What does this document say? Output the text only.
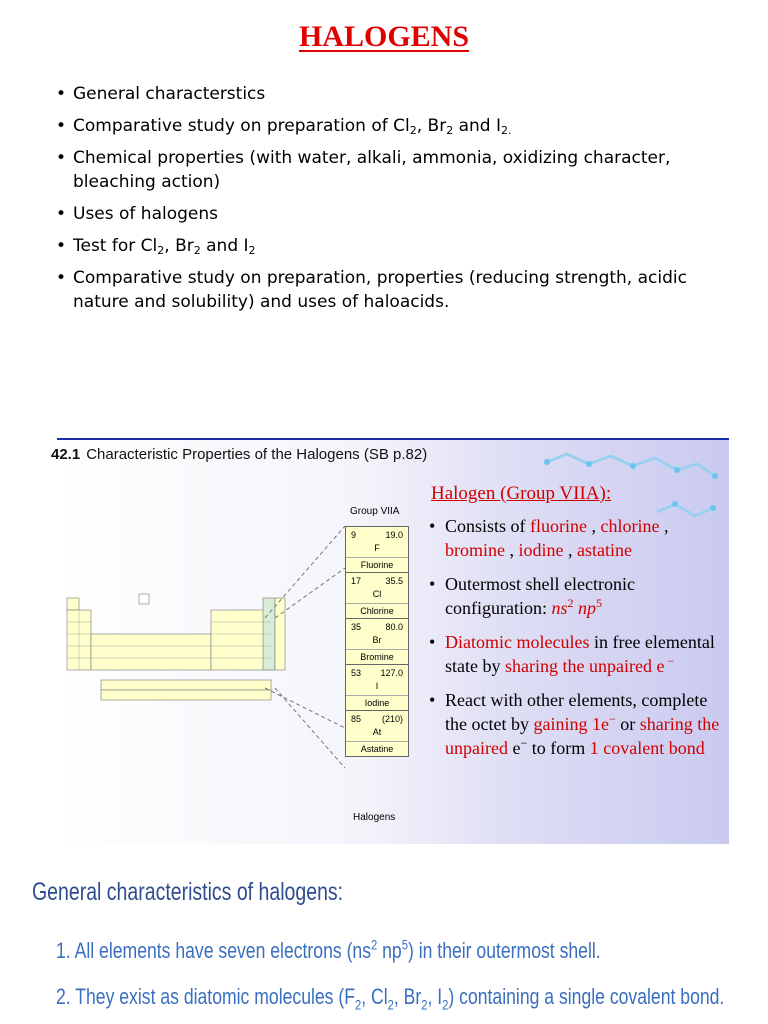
HALOGENS
• General characterstics
• Comparative study on preparation of $Cl_2$, $Br_2$ and $I_{2.}$
• Chemical properties (with water, alkali, ammonia, oxidizing character, bleaching action)
• Uses of halogens
• Test for $Cl_2$, $Br_2$ and $I_2$
• Comparative study on preparation, properties (reducing strength, acidic nature and solubility) and uses of haloacids.
42.1 Characteristic Properties of the Halogens (SB p.82)
Group VIIA
9	19.0
F
Fluorine
17	35.5
Cl
Chlorine
35	80.0
Br
Bromine
53 127.0
I
Iodine
85 (210)
At
Astatine
Halogens
Halogen (Group VIIA):
• Consists of fluorine , chlorine , bromine , iodine , astatine
• Outermost shell electronic configuration: $ns^2$ $np^5$
• Diatomic molecules in free elemental state by sharing the unpaired e −
• React with other elements, complete the octet by gaining 1e− or sharing the unpaired e− to form 1 covalent bond
General characteristics of halogens:
1. All elements have seven electrons ($ns^2$ $np^5$) in their outermost shell.
2. They exist as diatomic molecules ($F_2$, $Cl_2$, $Br_2$, $I_2$) containing a single covalent bond.
